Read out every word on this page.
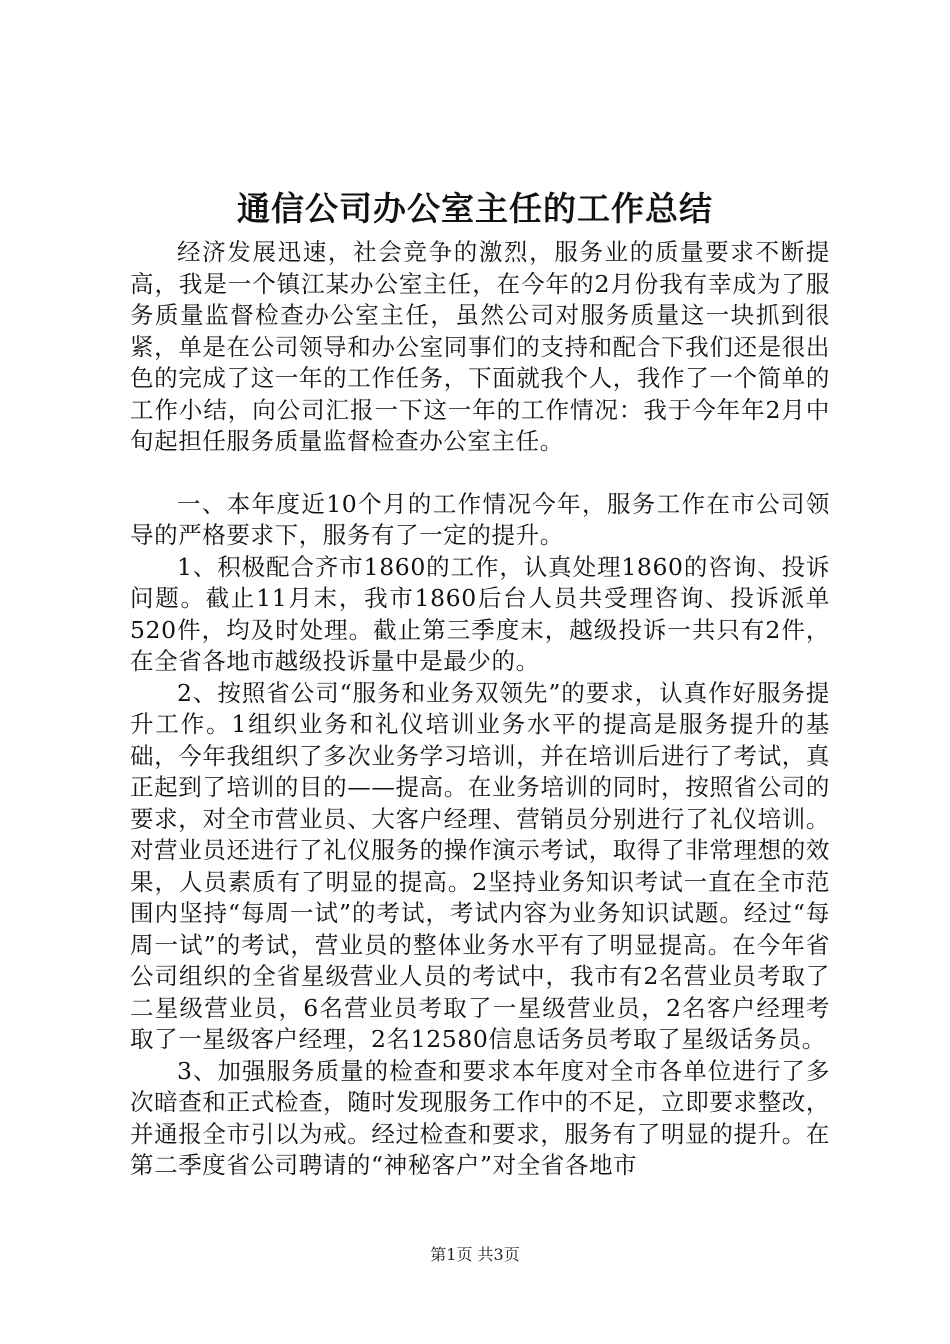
通信公司办公室主任的工作总结

经济发展迅速，社会竞争的激烈，服务业的质量要求不断提高，我是一个镇江某办公室主任，在今年的2月份我有幸成为了服务质量监督检查办公室主任，虽然公司对服务质量这一块抓到很紧，单是在公司领导和办公室同事们的支持和配合下我们还是很出色的完成了这一年的工作任务，下面就我个人，我作了一个简单的工作小结，向公司汇报一下这一年的工作情况：我于今年年2月中旬起担任服务质量监督检查办公室主任。

一、本年度近10个月的工作情况今年，服务工作在市公司领导的严格要求下，服务有了一定的提升。

1、积极配合齐市1860的工作，认真处理1860的咨询、投诉问题。截止11月末，我市1860后台人员共受理咨询、投诉派单520件，均及时处理。截止第三季度末，越级投诉一共只有2件，在全省各地市越级投诉量中是最少的。

2、按照省公司“服务和业务双领先”的要求，认真作好服务提升工作。1组织业务和礼仪培训业务水平的提高是服务提升的基础，今年我组织了多次业务学习培训，并在培训后进行了考试，真正起到了培训的目的——提高。在业务培训的同时，按照省公司的要求，对全市营业员、大客户经理、营销员分别进行了礼仪培训。对营业员还进行了礼仪服务的操作演示考试，取得了非常理想的效果，人员素质有了明显的提高。2坚持业务知识考试一直在全市范围内坚持“每周一试”的考试，考试内容为业务知识试题。经过“每周一试”的考试，营业员的整体业务水平有了明显提高。在今年省公司组织的全省星级营业人员的考试中，我市有2名营业员考取了二星级营业员，6名营业员考取了一星级营业员，2名客户经理考取了一星级客户经理，2名12580信息话务员考取了星级话务员。

3、加强服务质量的检查和要求本年度对全市各单位进行了多次暗查和正式检查，随时发现服务工作中的不足，立即要求整改，并通报全市引以为戒。经过检查和要求，服务有了明显的提升。在第二季度省公司聘请的“神秘客户”对全省各地市

第1页 共3页
